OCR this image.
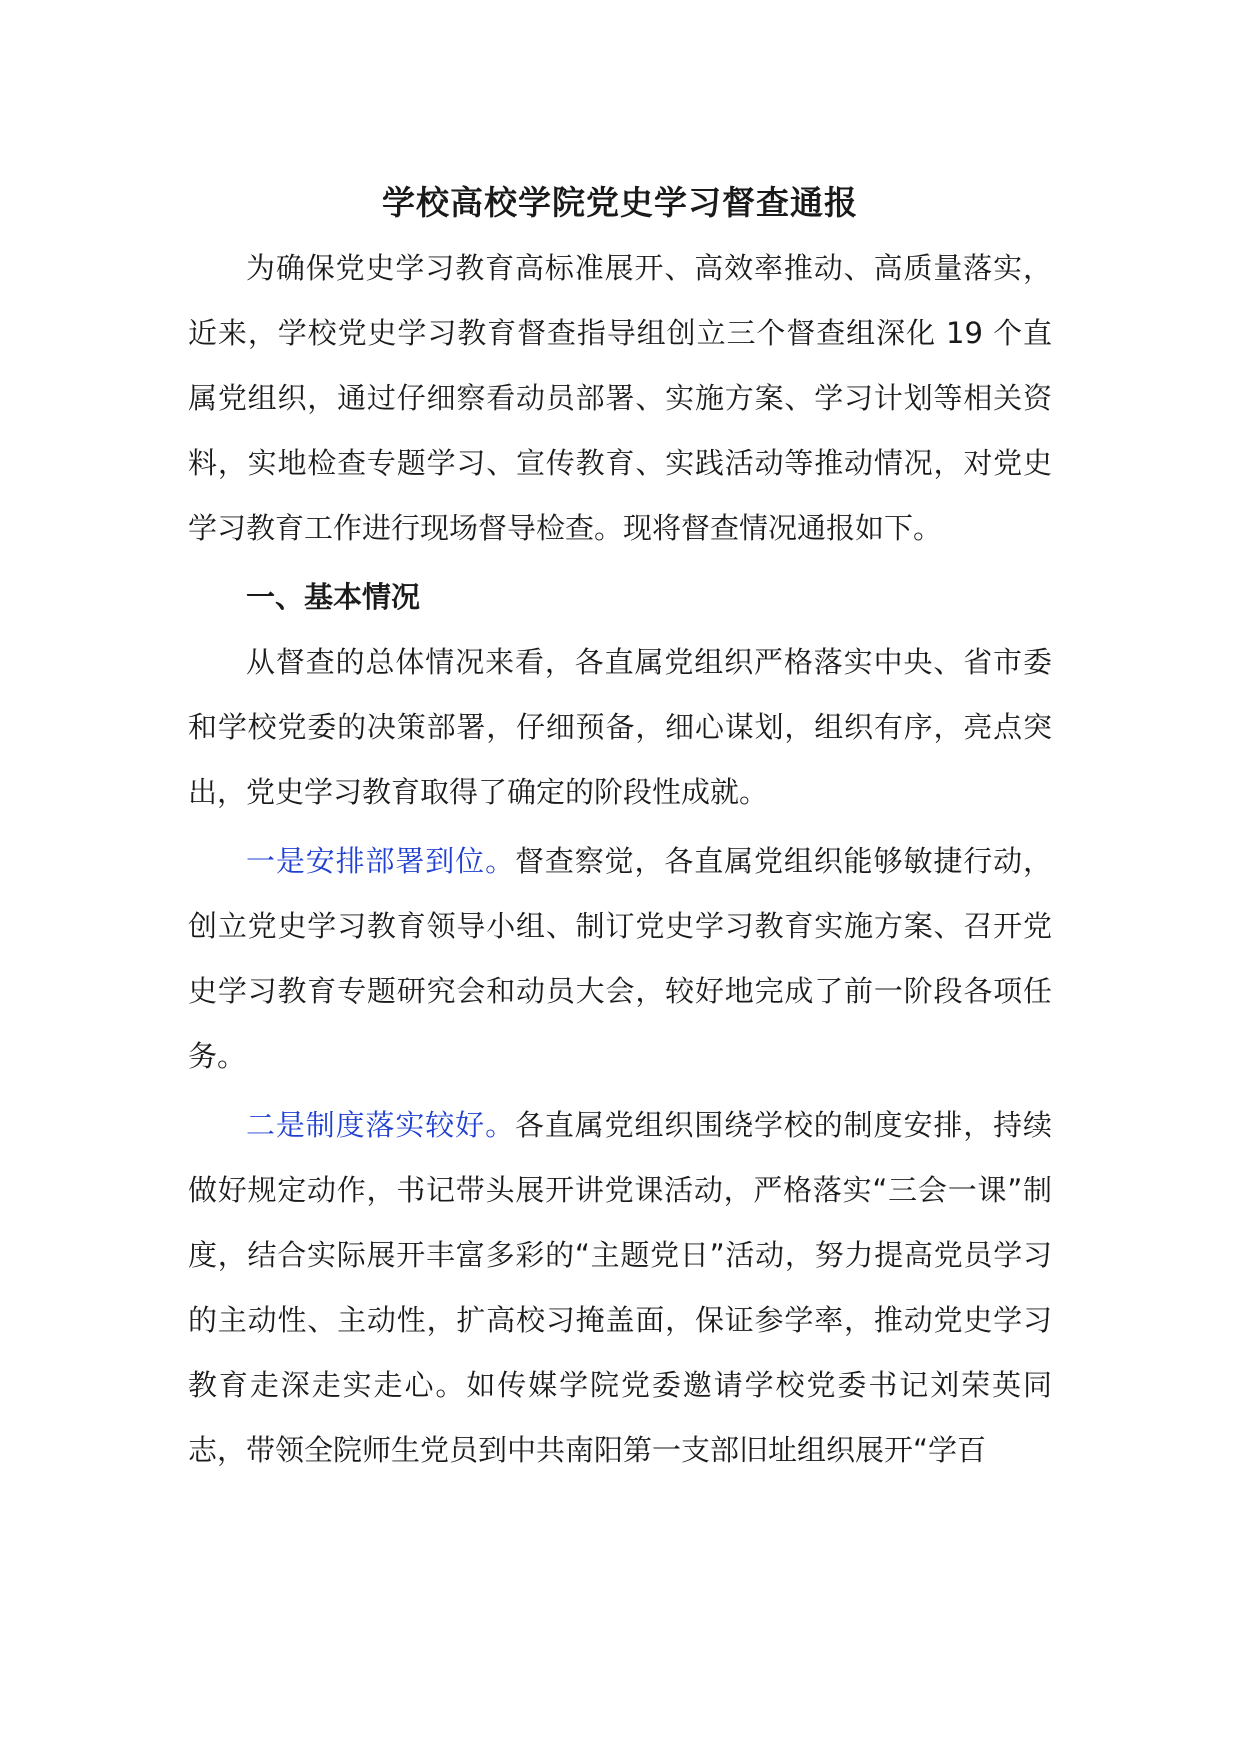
学校高校学院党史学习督查通报

为确保党史学习教育高标准展开、高效率推动、高质量落实，近来，学校党史学习教育督查指导组创立三个督查组深化 19 个直属党组织，通过仔细察看动员部署、实施方案、学习计划等相关资料，实地检查专题学习、宣传教育、实践活动等推动情况，对党史学习教育工作进行现场督导检查。现将督查情况通报如下。

一、基本情况

从督查的总体情况来看，各直属党组织严格落实中央、省市委和学校党委的决策部署，仔细预备，细心谋划，组织有序，亮点突出，党史学习教育取得了确定的阶段性成就。

一是安排部署到位。督查察觉，各直属党组织能够敏捷行动，创立党史学习教育领导小组、制订党史学习教育实施方案、召开党史学习教育专题研究会和动员大会，较好地完成了前一阶段各项任务。

二是制度落实较好。各直属党组织围绕学校的制度安排，持续做好规定动作，书记带头展开讲党课活动，严格落实“三会一课”制度，结合实际展开丰富多彩的“主题党日”活动，努力提高党员学习的主动性、主动性，扩高校习掩盖面，保证参学率，推动党史学习教育走深走实走心。如传媒学院党委邀请学校党委书记刘荣英同志，带领全院师生党员到中共南阳第一支部旧址组织展开“学百
